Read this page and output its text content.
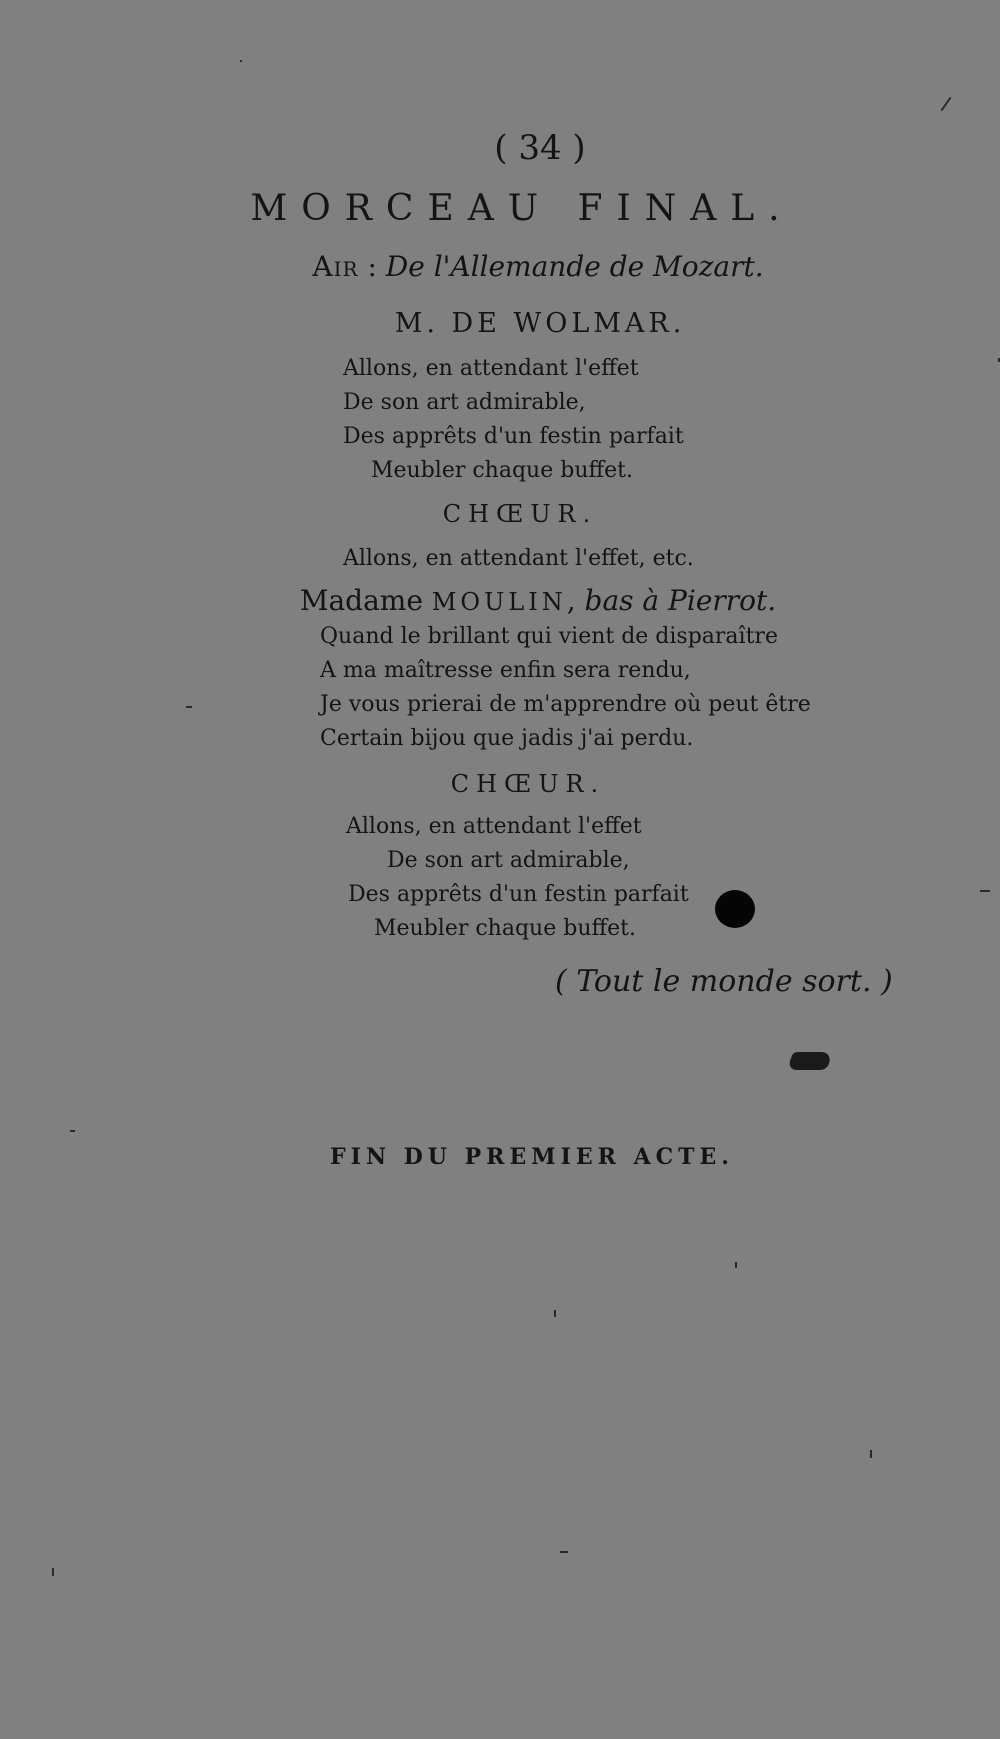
( 34 )
MORCEAU FINAL.
Air : De l'Allemande de Mozart.
M. DE WOLMAR.
Allons, en attendant l'effet
De son art admirable,
Des apprêts d'un festin parfait
Meubler chaque buffet.
CHŒUR.
Allons, en attendant l'effet, etc.
Madame MOULIN, bas à Pierrot.
Quand le brillant qui vient de disparaître
A ma maîtresse enfin sera rendu,
Je vous prierai de m'apprendre où peut être
Certain bijou que jadis j'ai perdu.
CHŒUR.
Allons, en attendant l'effet
De son art admirable,
Des apprêts d'un festin parfait
Meubler chaque buffet.
( Tout le monde sort. )
FIN DU PREMIER ACTE.
